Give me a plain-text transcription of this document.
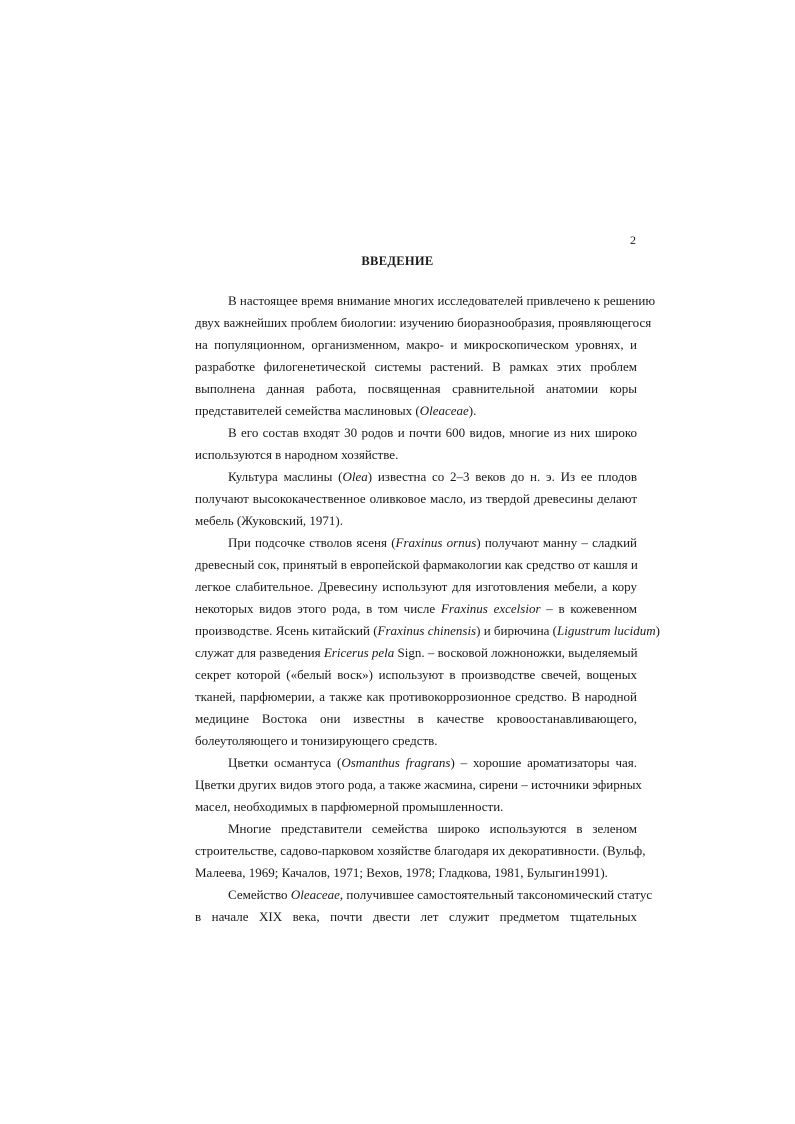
2
ВВЕДЕНИЕ
В настоящее время внимание многих исследователей привлечено к решению
двух важнейших проблем биологии: изучению биоразнообразия, проявляющегося
на популяционном, организменном, макро- и микроскопическом уровнях, и
разработке филогенетической системы растений. В рамках этих проблем
выполнена данная работа, посвященная сравнительной анатомии коры
представителей семейства маслиновых (Oleaceae).
В его состав входят 30 родов и почти 600 видов, многие из них широко
используются в народном хозяйстве.
Культура маслины (Olea) известна со 2–3 веков до н. э. Из ее плодов
получают высококачественное оливковое масло, из твердой древесины делают
мебель (Жуковский, 1971).
При подсочке стволов ясеня (Fraxinus ornus) получают манну – сладкий
древесный сок, принятый в европейской фармакологии как средство от кашля и
легкое слабительное. Древесину используют для изготовления мебели, а кору
некоторых видов этого рода, в том числе Fraxinus excelsior – в кожевенном
производстве. Ясень китайский (Fraxinus chinensis) и бирючина (Ligustrum lucidum)
служат для разведения Ericerus pela Sign. – восковой ложноножки, выделяемый
секрет которой («белый воск») используют в производстве свечей, вощеных
тканей, парфюмерии, а также как противокоррозионное средство. В народной
медицине Востока они известны в качестве кровоостанавливающего,
болеутоляющего и тонизирующего средств.
Цветки османтуса (Osmanthus fragrans) – хорошие ароматизаторы чая.
Цветки других видов этого рода, а также жасмина, сирени – источники эфирных
масел, необходимых в парфюмерной промышленности.
Многие представители семейства широко используются в зеленом
строительстве, садово-парковом хозяйстве благодаря их декоративности. (Вульф,
Малеева, 1969; Качалов, 1971; Вехов, 1978; Гладкова, 1981, Булыгин1991).
Семейство Oleaceae, получившее самостоятельный таксономический статус
в начале XIX века, почти двести лет служит предметом тщательных
